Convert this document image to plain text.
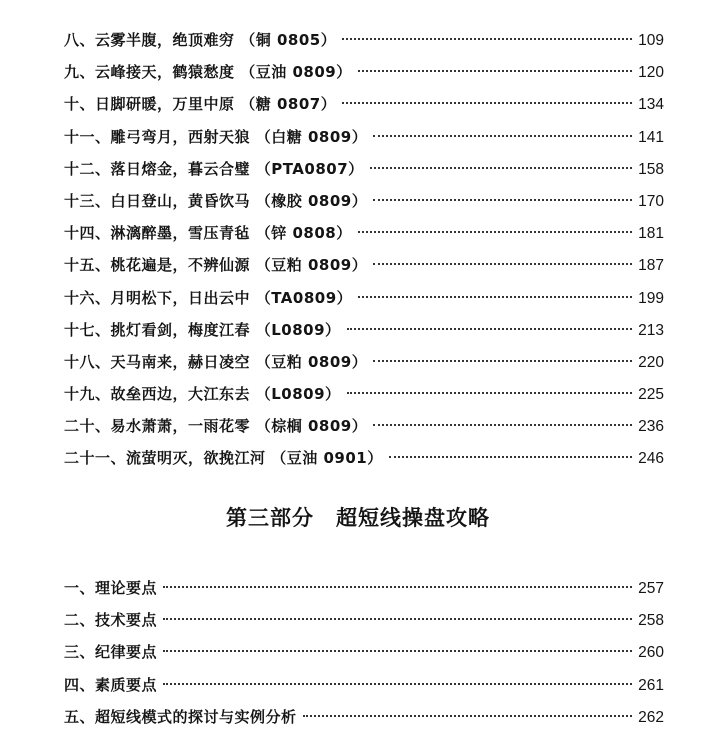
八、云雾半腹，绝顶难穷 （铜 0805）	109
九、云峰接天，鹤猿愁度 （豆油 0809）	120
十、日脚研暖，万里中原 （糖 0807）	134
十一、雕弓弯月，西射天狼 （白糖 0809）	141
十二、落日熔金，暮云合璧 （PTA0807）	158
十三、白日登山，黄昏饮马 （橡胶 0809）	170
十四、淋漓醉墨，雪压青毡 （锌 0808）	181
十五、桃花遍是，不辨仙源 （豆粕 0809）	187
十六、月明松下，日出云中 （TA0809）	199
十七、挑灯看剑，梅度江春 （L0809）	213
十八、天马南来，赫日凌空 （豆粕 0809）	220
十九、故垒西边，大江东去 （L0809）	225
二十、易水萧萧，一雨花零 （棕榈 0809）	236
二十一、流萤明灭，欲挽江河 （豆油 0901）	246
第三部分 超短线操盘攻略
一、理论要点	257
二、技术要点	258
三、纪律要点	260
四、素质要点	261
五、超短线模式的探讨与实例分析	262
